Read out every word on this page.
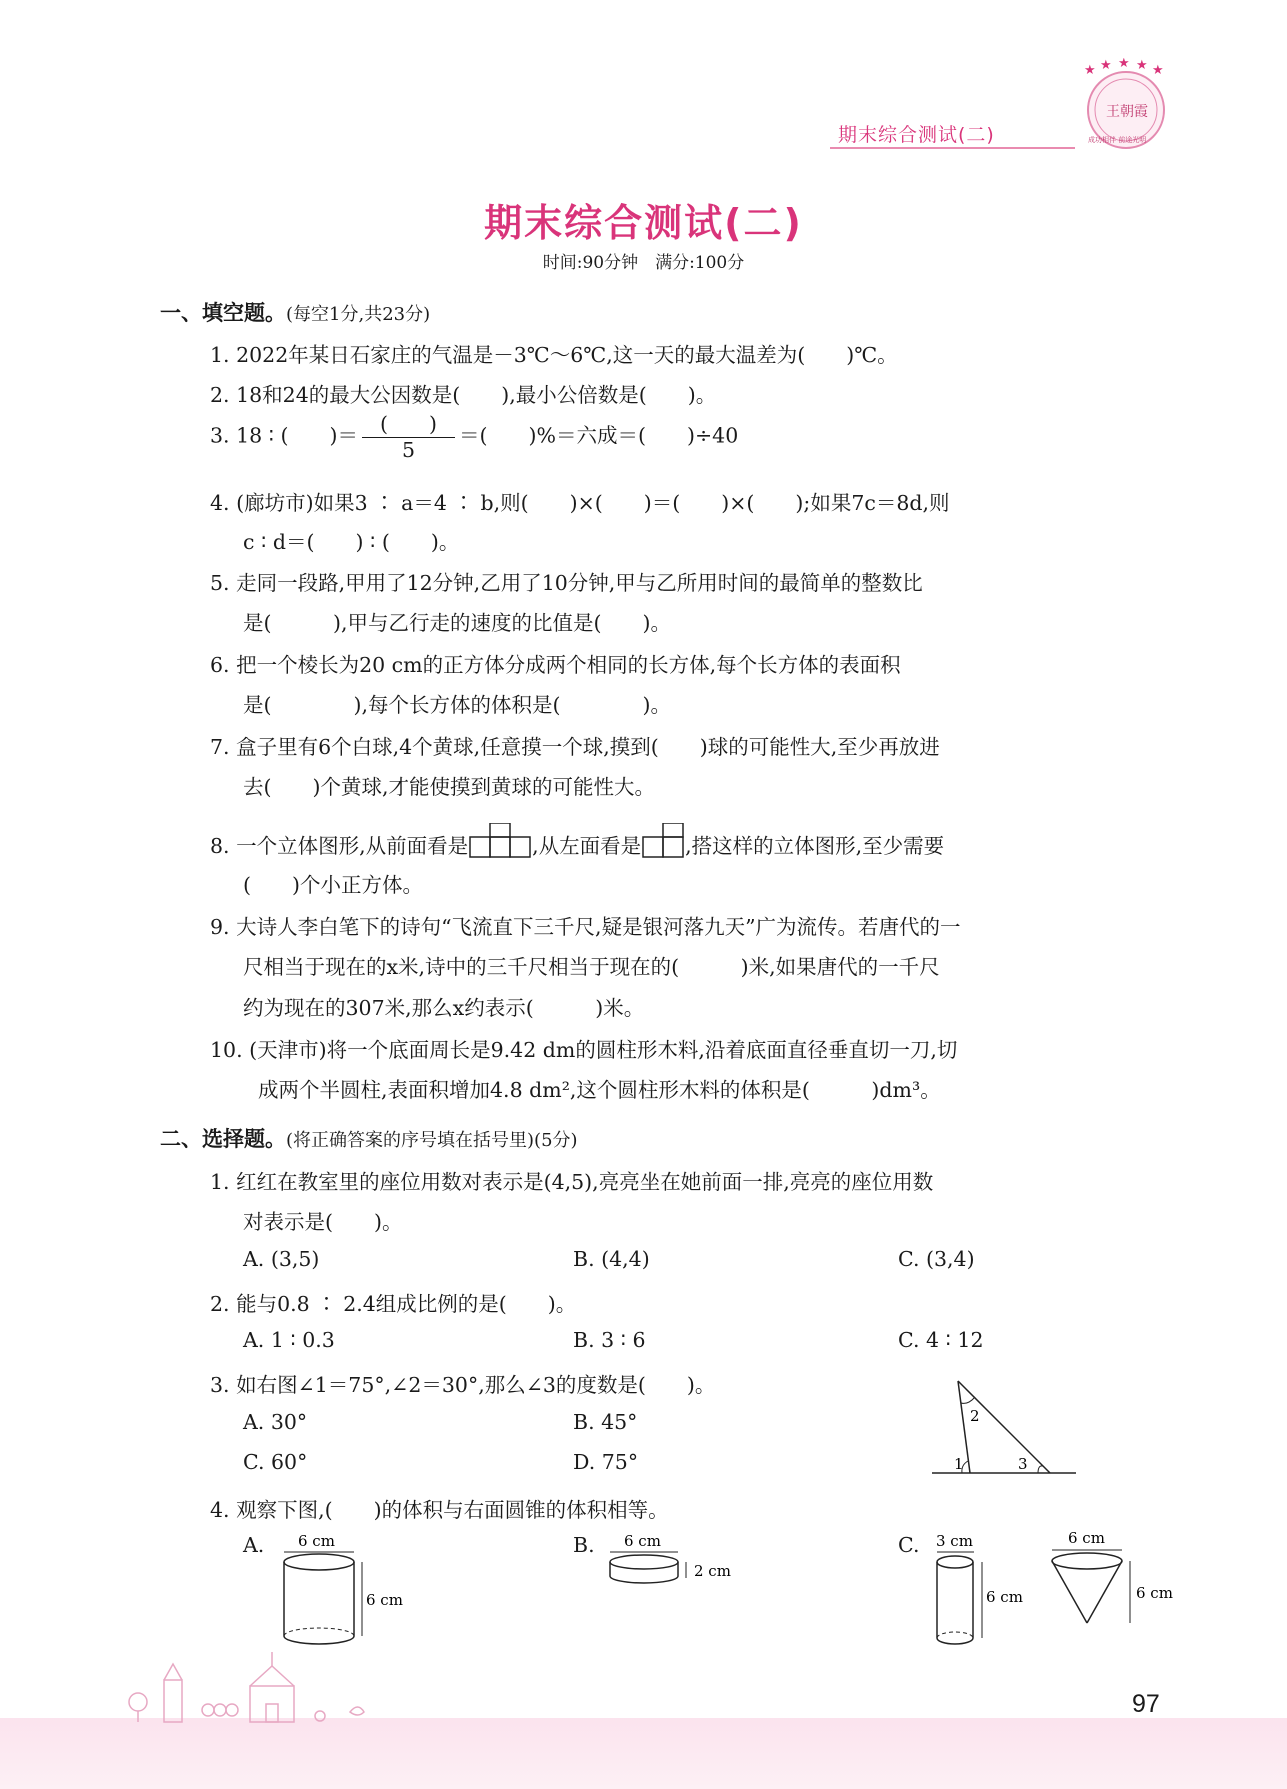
期末综合测试(二)
★ ★ ★ ★ ★
王朝霞
成功相伴 前途光明
期末综合测试(二)
时间:90分钟　满分:100分
一、填空题。(每空1分,共23分)
1. 2022年某日石家庄的气温是－3℃～6℃,这一天的最大温差为(　　)℃。
2. 18和24的最大公因数是(　　),最小公倍数是(　　)。
3. 18 ∶ (　　)＝ $\frac{( )}{5}$ ＝(　　)%＝六成＝(　　)÷40
4. (廊坊市)如果3 ∶ a＝4 ∶ b,则(　　)×(　　)＝(　　)×(　　);如果7c＝8d,则
c ∶ d＝(　　) ∶ (　　)。
5. 走同一段路,甲用了12分钟,乙用了10分钟,甲与乙所用时间的最简单的整数比
是(　　　),甲与乙行走的速度的比值是(　　)。
6. 把一个棱长为20 cm的正方体分成两个相同的长方体,每个长方体的表面积
是(　　　　),每个长方体的体积是(　　　　)。
7. 盒子里有6个白球,4个黄球,任意摸一个球,摸到(　　)球的可能性大,至少再放进
去(　　)个黄球,才能使摸到黄球的可能性大。
8. 一个立体图形,从前面看是	,从左面看是 ,搭这样的立体图形,至少需要
(　　)个小正方体。
9. 大诗人李白笔下的诗句“飞流直下三千尺,疑是银河落九天”广为流传。若唐代的一
尺相当于现在的x米,诗中的三千尺相当于现在的(　　　)米,如果唐代的一千尺
约为现在的307米,那么x约表示(　　　)米。
10. (天津市)将一个底面周长是9.42 dm的圆柱形木料,沿着底面直径垂直切一刀,切
成两个半圆柱,表面积增加4.8 dm²,这个圆柱形木料的体积是(　　　)dm³。
二、选择题。(将正确答案的序号填在括号里)(5分)
1. 红红在教室里的座位用数对表示是(4,5),亮亮坐在她前面一排,亮亮的座位用数
对表示是(　　)。
A. (3,5)	B. (4,4)	C. (3,4)
2. 能与0.8 ∶ 2.4组成比例的是(　　)。
A. 1 ∶ 0.3	B. 3 ∶ 6	C. 4 ∶ 12
3. 如右图∠1＝75°,∠2＝30°,那么∠3的度数是(　　)。
A. 30°	B. 45°
C. 60°	D. 75°
2
1	3
4. 观察下图,(　　)的体积与右面圆锥的体积相等。
A.	B.	C.
6 cm
6 cm
6 cm
2 cm
3 cm
6 cm
6 cm
6 cm
97
